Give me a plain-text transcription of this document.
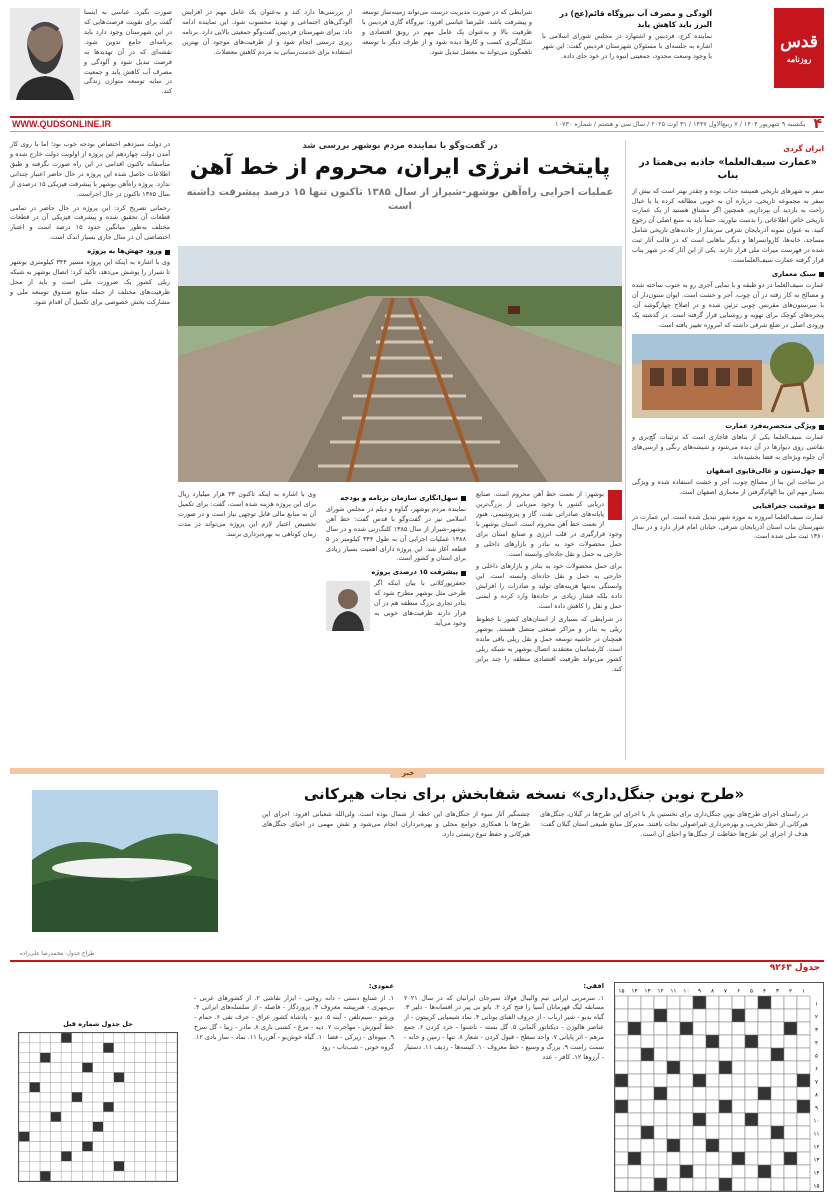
قدس
روزنامه
آلودگی و مصرف آب نیروگاه قائم(عج) در البرز باید کاهش یابد

نماینده کرج، فردیس و اشتهارد در مجلس شورای اسلامی با اشاره به جلسه‌ای با مسئولان شهرستان فردیس گفت: این شهر با وجود وسعت محدود، جمعیتی انبوه را در خود جای داده.

شرایطی که در صورت مدیریت درست می‌تواند زمینه‌ساز توسعه و پیشرفت باشد. علیرضا عباسی افزود: نیروگاه گازی فردیس با ظرفیت بالا و به‌عنوان یک عامل مهم در رونق اقتصادی و شکل‌گیری کسب و کارها دیده شود و از طرف دیگر با توسعه ناهمگون می‌تواند به معضل تبدیل شود.

از بررسی‌ها دارد کند و به‌عنوان یک عامل مهم در افزایش آلودگی‌های اجتماعی و تهدید محسوب شود. این نماینده ادامه داد: بیرای شهرستان فردیس گفت‌وگو جمعیتی بالایی دارد. برنامه ریزی درستی انجام شود و از ظرفیت‌های موجود آن بهترین استفاده برای خدمت‌رسانی به مردم کاهش معضلات.

صورت بگیرد. عباسی به ایسنا گفت برای تقویت فرصت‌هایی که در این شهرستان وجود دارد باید برنامه‌ای جامع تدوین شود. نقشه‌ای که در آن تهدیدها به فرصت تبدیل شود و آلودگی و مصرف آب کاهش یابد و جمعیت در سایه توسعه متوازن زندگی کند.

۴
یکشنبه ۹ شهریور ۱۴۰۴ / ۷ ربیع‌الاول ۱۴۴۷ / ۳۱ اوت ۲۰۲۵ / سال سی و هشتم / شماره ۱۰۷۳۰
WWW.QUDSONLINE.IR
ایران گردی
«عمارت سیف‌العلما» جاذبه بی‌همتا در بناب

سفر به شهرهای تاریخی همیشه جذاب بوده و چقدر بهتر است که بیش از سفر به مجموعه تاریخی، درباره آن به خوبی مطالعه کرده یا با خیال راحت به بازدید آن بپردازیم. همچنین اگر مشتاق هستید از یک عمارت تاریخی خاص اطلاعاتی را بدست بیاورید، حتماً باید به منبع اصلی آن رجوع کنید. به عنوان نمونه آذربایجان شرقی سرشار از جاذبه‌های تاریخی شامل مساجد، خانه‌ها، کاروانسراها و دیگر بناهایی است که در قالب آثار ثبت شده در فهرست میراث ملی قرار دارند. یکی از این آثار که در شهر بناب قرار گرفته عمارت سیف‌العلماست.

سبک معماری

عمارت سیف‌العلما در دو طبقه و با نمایی آجری رو به جنوب ساخته شده و مصالح به کار رفته در آن چوب، آجر و خشت است. ایوان ستون‌دار آن با سرستون‌های مقرنس چوبی تزئین شده و در اصلاح چهارگوشه آن، پنجره‌های کوچک برای تهویه و روشنایی قرار گرفته است. در گذشته یک ورودی اصلی در ضلع شرقی داشته که امروزه تغییر یافته است.

ویژگی منحصربه‌فرد عمارت

عمارت سیف‌العلما یکی از بناهای قاجاری است که تزئینات گچ‌بری و نقاشی روی دیوارها در آن دیده می‌شود و شیشه‌های رنگی و ارسی‌های آن جلوه ویژه‌ای به فضا بخشیده‌اند.

چهل‌ستون و عالی‌قاپوی اصفهان

در ساخت این بنا از مصالح چوب، آجر و خشت استفاده شده و ویژگی بسیار مهم این بنا الهام‌گرفتن از معماری اصفهان است.

موقعیت جغرافیایی

عمارت سیف‌العلما امروزه به موزه شهر تبدیل شده است. این عمارت در شهرستان بناب استان آذربایجان شرقی، خیابان امام قرار دارد و در سال ۱۳۸۰ ثبت ملی شده است.

در گفت‌وگو با نماینده مردم بوشهر بررسی شد
پایتخت انرژی ایران، محروم از خط آهن
عملیات اجرایی راه‌آهن بوشهر-شیراز از سال ۱۳۸۵ تاکنون تنها ۱۵ درصد پیشرفت داشته است

در دولت سیزدهم اختصاص بودجه خوب بود؛ اما با روی کار آمدن دولت چهاردهم این پروژه از اولویت دولت خارج شده و متأسفانه تاکنون اقدامی در این راه صورت نگرفته و طبق اطلاعات حاصل شده این پروژه در حال حاضر اعتبار چندانی ندارد. پروژه راه‌آهن بوشهر با پیشرفت فیزیکی ۱۵ درصدی از سال ۱۳۸۵ تاکنون در حال اجراست.

رحمانی تصریح کرد: این پروژه در حال حاضر در تمامی قطعات آن تحقیق شده و پیشرفت فیزیکی آن در قطعات مختلف به‌طور میانگین حدود ۱۵ درصد است و اعتبار اختصاصی آن در سال جاری بسیار اندک است.

ورود جهش‌ها به پروژه

وی با اشاره به اینکه این پروژه مسیر ۳۴۴ کیلومتری بوشهر تا شیراز را پوشش می‌دهد، تأکید کرد: اتصال بوشهر به شبکه ریلی کشور یک ضرورت ملی است و باید از محل ظرفیت‌های مختلف از جمله منابع صندوق توسعه ملی و مشارکت بخش خصوصی برای تکمیل آن اقدام شود.

وی با اشاره به اینکه تاکنون ۳۳ هزار میلیارد ریال برای این پروژه هزینه شده است، گفت: برای تکمیل آن به منابع مالی قابل توجهی نیاز است و در صورت تخصیص اعتبار لازم این پروژه می‌تواند در مدت زمان کوتاهی به بهره‌برداری برسد.

سهل‌انگاری سازمان برنامه و بودجه

نماینده مردم بوشهر، گناوه و دیلم در مجلس شورای اسلامی نیز در گفت‌وگو با قدس گفت: خط آهن بوشهر-شیراز از سال ۱۳۸۵ کلنگ‌زنی شده و در سال ۱۳۸۸ عملیات اجرایی آن به طول ۳۴۴ کیلومتر در ۵ قطعه آغاز شد. این پروژه دارای اهمیت بسیار زیادی برای استان و کشور است.

پیشرفت ۱۵ درصدی پروژه

جعفرپورکلانی با بیان اینکه اگر طرحی مثل بوشهر مطرح شود که بنادر تجاری بزرگ منطقه هم در آن قرار دارند ظرفیت‌های خوبی به وجود می‌آید.

بوشهر: از نعمت خط آهن محروم است. صنایع دریایی کشور با وجود میزبانی از بزرگ‌ترین پایانه‌های صادراتی نفت، گاز و پتروشیمی، هنوز از نعمت خط آهن محروم است. استان بوشهر با وجود قرارگیری در قلب انرژی و صنایع استان برای حمل محصولات خود به بنادر و بازارهای داخلی و خارجی به حمل و نقل جاده‌ای وابسته است.

برای حمل محصولات خود به بنادر و بازارهای داخلی و خارجی به حمل و نقل جاده‌ای وابسته است. این وابستگی نه‌تنها هزینه‌های تولید و صادرات را افزایش داده بلکه فشار زیادی بر جاده‌ها وارد کرده و ایمنی حمل و نقل را کاهش داده است.

در شرایطی که بسیاری از استان‌های کشور با خطوط ریلی به بنادر و مراکز صنعتی متصل هستند، بوشهر همچنان در حاشیه توسعه حمل و نقل ریلی باقی مانده است. کارشناسان معتقدند اتصال بوشهر به شبکه ریلی کشور می‌تواند ظرفیت اقتصادی منطقه را چند برابر کند.

خبر
«طرح نوین جنگل‌داری» نسخه شفابخش برای نجات هیرکانی

در راستای اجرای طرح‌های نوین جنگل‌داری برای نخستین بار با اجرای این طرح‌ها در گیلان، جنگل‌های هیرکانی از خطر تخریب و بهره‌برداری غیراصولی نجات یافتند. مدیرکل منابع طبیعی استان گیلان گفت: هدف از اجرای این طرح‌ها حفاظت از جنگل‌ها و احیای آن است.

چشمگیر آثار سوء از جنگل‌های این خطه از شمال بوده است. ولی‌الله شعبانی افزود: اجرای این طرح‌ها با همکاری جوامع محلی و بهره‌برداران انجام می‌شود و نقش مهمی در احیای جنگل‌های هیرکانی و حفظ تنوع زیستی دارد.

طراح جدول: محمدرضا علی‌زاده
جدول ۹۲۶۳
۱۵ ۱۴ ۱۳ ۱۲ ۱۱ ۱۰ ۹ ۸ ۷ ۶ ۵ ۴ ۳ ۲ ۱
۱
۲
۳
۴
۵
۶
۷
۸
۹
۱۰
۱۱
۱۲
۱۳
۱۴
۱۵
افقی:

۱. سرمربی ایرانی تیم والیبال فولاد سیرجان ایرانیان که در سال ۲۰۲۱ مسابقه لیگ قهرمانان آسیا را فتح کرد ۲. باتو بی پیر در افسانه‌ها - دلیر ۳. گیاه بدبو - شیر ارباب - از حروف الفبای یونانی ۴. نماد شیمیایی کریپتون - از عناصر هالوژن - دیکتاتور آلمانی ۵. گل بسته - ناشنوا - خرد کردن ۶. جمع مرهم - اثر پایانی ۷. واحد سطح - قبول کردن - شعار ۸. تنها - زمین و خانه - سمت راست ۹. بزرگ و وسیع - خط معروف ۱۰. کیسه‌ها - ردیف ۱۱. دستیار - آرزوها ۱۲. کافر - عدد

عمودی:

۱. از صنایع دستی - دانه روغنی - ایزار نقاشی ۲. از کشورهای عربی - بی‌مهری - هنرپیشه معروف ۳. پروردگار - فاصله - از سلسله‌های ایرانی ۴. ورشو - سیم‌تلفن - آینه ۵. دیو - پادشاه کشور عراق - حرف نفی ۶. حمام - خط آموزش - مهاجرت ۷. دیه - مرغ - کشتی باری ۸. مادر - زیبا - گل سرخ ۹. میوه‌ای - زیرکی - فضا ۱۰. گیاه خوش‌بو - آهن‌ربا ۱۱. نماد - ساز بادی ۱۲. گروه خونی - شب‌تاب - رود

حل جدول شماره قبل
